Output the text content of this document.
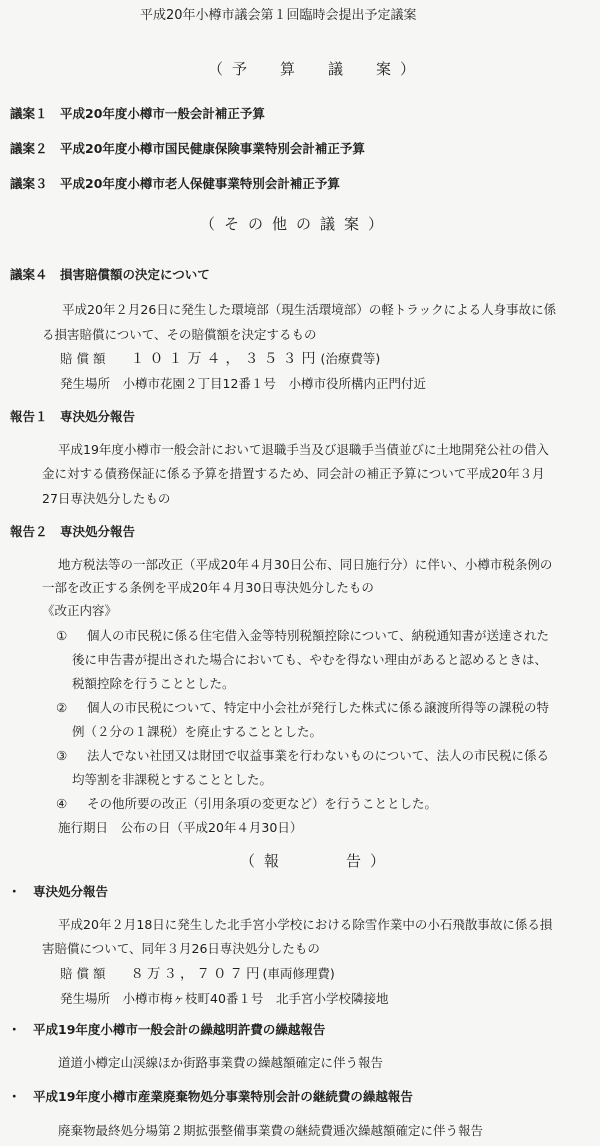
平成20年小樽市議会第１回臨時会提出予定議案
（予　算　議　案）
議案１　 平成20年度小樽市一般会計補正予算
議案２　 平成20年度小樽市国民健康保険事業特別会計補正予算
議案３　 平成20年度小樽市老人保健事業特別会計補正予算
（その他の議案）
議案４　 損害賠償額の決定について
平成20年２月26日に発生した環境部（現生活環境部）の軽トラックによる人身事故に係
る損害賠償について、その賠償額を決定するもの
賠 償 額　　 １０１万４，３５３円(治療費等)
発生場所　 小樽市花園２丁目12番１号　小樽市役所構内正門付近
報告１　 専決処分報告
平成19年度小樽市一般会計において退職手当及び退職手当債並びに土地開発公社の借入
金に対する債務保証に係る予算を措置するため、同会計の補正予算について平成20年３月
27日専決処分したもの
報告２　 専決処分報告
地方税法等の一部改正（平成20年４月30日公布、同日施行分）に伴い、小樽市税条例の
一部を改正する条例を平成20年４月30日専決処分したもの
《改正内容》
① 個人の市民税に係る住宅借入金等特別税額控除について、納税通知書が送達された
後に申告書が提出された場合においても、やむを得ない理由があると認めるときは、
税額控除を行うこととした。
② 個人の市民税について、特定中小会社が発行した株式に係る譲渡所得等の課税の特
例（２分の１課税）を廃止することとした。
③ 法人でない社団又は財団で収益事業を行わないものについて、法人の市民税に係る
均等割を非課税とすることとした。
④ その他所要の改正（引用条項の変更など）を行うこととした。
施行期日　 公布の日（平成20年４月30日）
（報	告）
・　 専決処分報告
平成20年２月18日に発生した北手宮小学校における除雪作業中の小石飛散事故に係る損
害賠償について、同年３月26日専決処分したもの
賠 償 額　　 ８万３，７０７円(車両修理費)
発生場所　 小樽市梅ヶ枝町40番１号　北手宮小学校隣接地
・　 平成19年度小樽市一般会計の繰越明許費の繰越報告
道道小樽定山渓線ほか街路事業費の繰越額確定に伴う報告
・　 平成19年度小樽市産業廃棄物処分事業特別会計の継続費の繰越報告
廃棄物最終処分場第２期拡張整備事業費の継続費逓次繰越額確定に伴う報告
